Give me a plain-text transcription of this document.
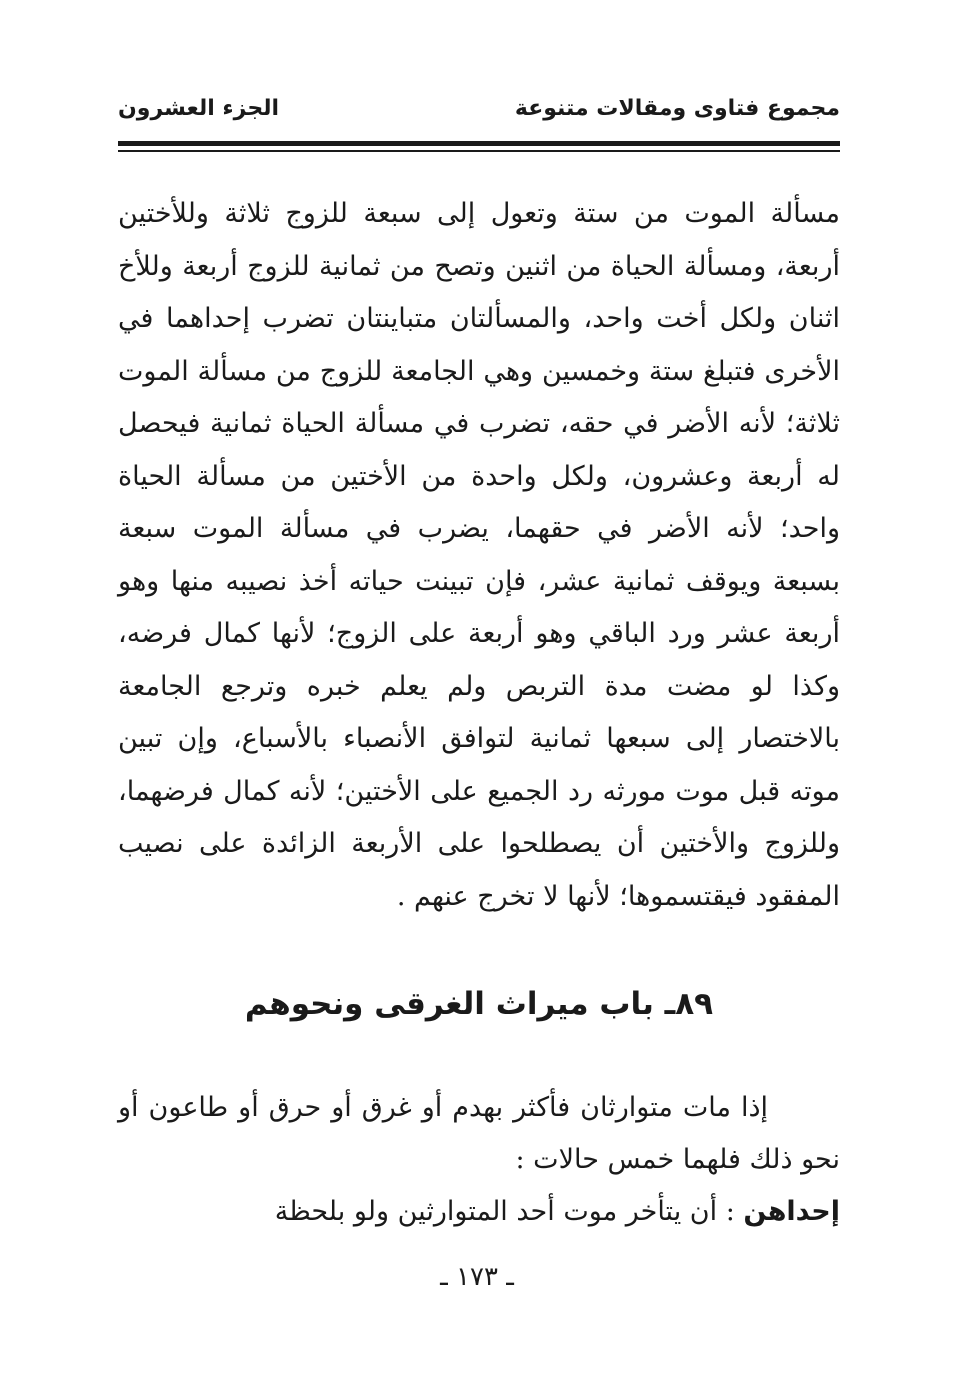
مجموع فتاوى ومقالات متنوعة
الجزء العشرون

مسألة الموت من ستة وتعول إلى سبعة للزوج ثلاثة وللأختين أربعة، ومسألة الحياة من اثنين وتصح من ثمانية للزوج أربعة وللأخ اثنان ولكل أخت واحد، والمسألتان متباينتان تضرب إحداهما في الأخرى فتبلغ ستة وخمسين وهي الجامعة للزوج من مسألة الموت ثلاثة؛ لأنه الأضر في حقه، تضرب في مسألة الحياة ثمانية فيحصل له أربعة وعشرون، ولكل واحدة من الأختين من مسألة الحياة واحد؛ لأنه الأضر في حقهما، يضرب في مسألة الموت سبعة بسبعة ويوقف ثمانية عشر، فإن تبينت حياته أخذ نصيبه منها وهو أربعة عشر ورد الباقي وهو أربعة على الزوج؛ لأنها كمال فرضه، وكذا لو مضت مدة التربص ولم يعلم خبره وترجع الجامعة بالاختصار إلى سبعها ثمانية لتوافق الأنصباء بالأسباع، وإن تبين موته قبل موت مورثه رد الجميع على الأختين؛ لأنه كمال فرضهما، وللزوج والأختين أن يصطلحوا على الأربعة الزائدة على نصيب المفقود فيقتسموها؛ لأنها لا تخرج عنهم .

٨٩ـ باب ميراث الغرقى ونحوهم

إذا مات متوارثان فأكثر بهدم أو غرق أو حرق أو طاعون أو نحو ذلك فلهما خمس حالات :

إحداهن : أن يتأخر موت أحد المتوارثين ولو بلحظة

ـ ١٧٣ ـ
